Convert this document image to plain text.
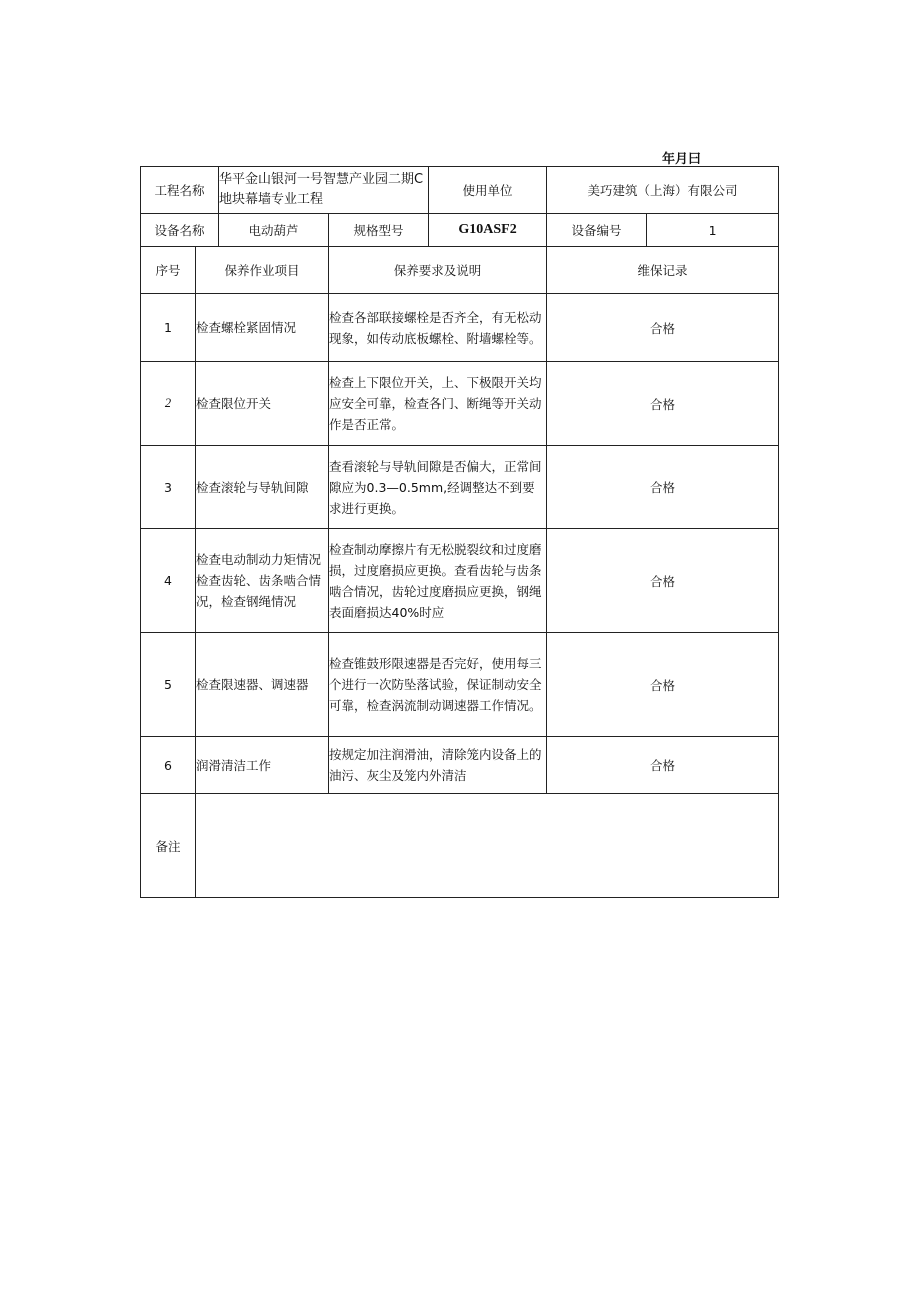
年月曰
工程名称		华平金山银河一号智慧产业园二期C地块幕墙专业工程		使用单位	美巧建筑（上海）有限公司	
设备名称		电动葫芦	规格型号	G10ASF2	设备编号	1
序号	保养作业项目		保养要求及说明		维保记录	
1	检查螺栓紧固情况		检查各部联接螺栓是否齐全，有无松动现象，如传动底板螺栓、附墙螺栓等。		合格	
2	检查限位开关		检查上下限位开关，上、下极限开关均应安全可靠，检查各门、断绳等开关动作是否正常。		合格	
3	检查滚轮与导轨间隙		查看滚轮与导轨间隙是否偏大，正常间隙应为0.3—0.5mm,经调整达不到要求进行更换。		合格	
4	检查电动制动力矩情况检查齿轮、齿条啮合情况，检查钢绳情况		检查制动摩擦片有无松脱裂纹和过度磨损，过度磨损应更换。查看齿轮与齿条啮合情况，齿轮过度磨损应更换，钢绳表面磨损达40%时应		合格	
5	检查限速器、调速器		检查锥鼓形限速器是否完好，使用每三个进行一次防坠落试验，保证制动安全可靠，检查涡流制动调速器工作情况。		合格	
6	润滑清洁工作		按规定加注润滑油，清除笼内设备上的油污、灰尘及笼内外清洁		合格	
备注						
